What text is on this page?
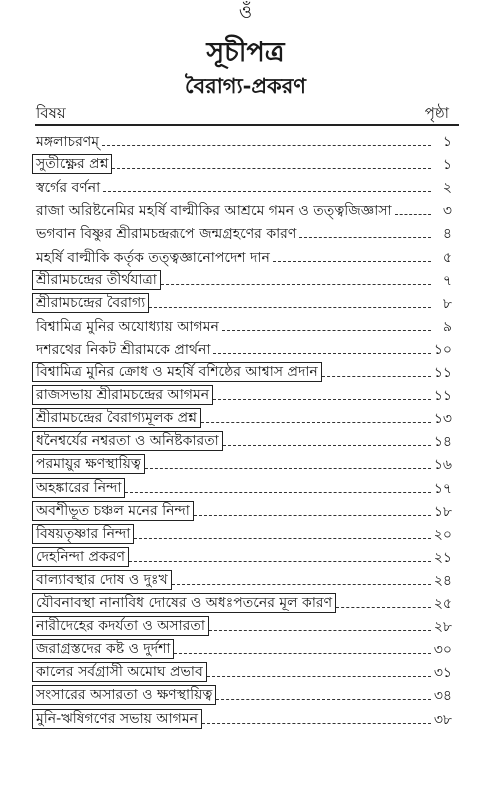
ওঁ
সূচীপত্র
বৈরাগ্য-প্রকরণ
বিষয়	পৃষ্ঠা
মঙ্গলাচরণম্	১
সুতীক্ষ্ণের প্রশ্ন	১
স্বর্গের বর্ণনা	২
রাজা অরিষ্টনেমির মহর্ষি বাল্মীকির আশ্রমে গমন ও তত্ত্বজিজ্ঞাসা	৩
ভগবান বিষ্ণুর শ্রীরামচন্দ্ররূপে জন্মগ্রহণের কারণ	৪
মহর্ষি বাল্মীকি কর্তৃক তত্ত্বজ্ঞানোপদেশ দান	৫
শ্রীরামচন্দ্রের তীর্থযাত্রা	৭
শ্রীরামচন্দ্রের বৈরাগ্য	৮
বিশ্বামিত্র মুনির অযোধ্যায় আগমন	৯
দশরথের নিকট শ্রীরামকে প্রার্থনা	১০
বিশ্বামিত্র মুনির ক্রোধ ও মহর্ষি বশিষ্ঠের আশ্বাস প্রদান	১১
রাজসভায় শ্রীরামচন্দ্রের আগমন	১১
শ্রীরামচন্দ্রের বৈরাগ্যমূলক প্রশ্ন	১৩
ধনৈশ্বর্যের নশ্বরতা ও অনিষ্টকারতা	১৪
পরমায়ুর ক্ষণস্থায়িত্ব	১৬
অহঙ্কারের নিন্দা	১৭
অবশীভূত চঞ্চল মনের নিন্দা	১৮
বিষয়তৃষ্ণার নিন্দা	২০
দেহনিন্দা প্রকরণ	২১
বাল্যাবস্থার দোষ ও দুঃখ	২৪
যৌবনাবস্থা নানাবিধ দোষের ও অধঃপতনের মূল কারণ	২৫
নারীদেহের কদর্যতা ও অসারতা	২৮
জরাগ্রস্তদের কষ্ট ও দুর্দশা	৩০
কালের সর্বগ্রাসী অমোঘ প্রভাব	৩১
সংসারের অসারতা ও ক্ষণস্থায়িত্ব	৩৪
মুনি-ঋষিগণের সভায় আগমন	৩৮
